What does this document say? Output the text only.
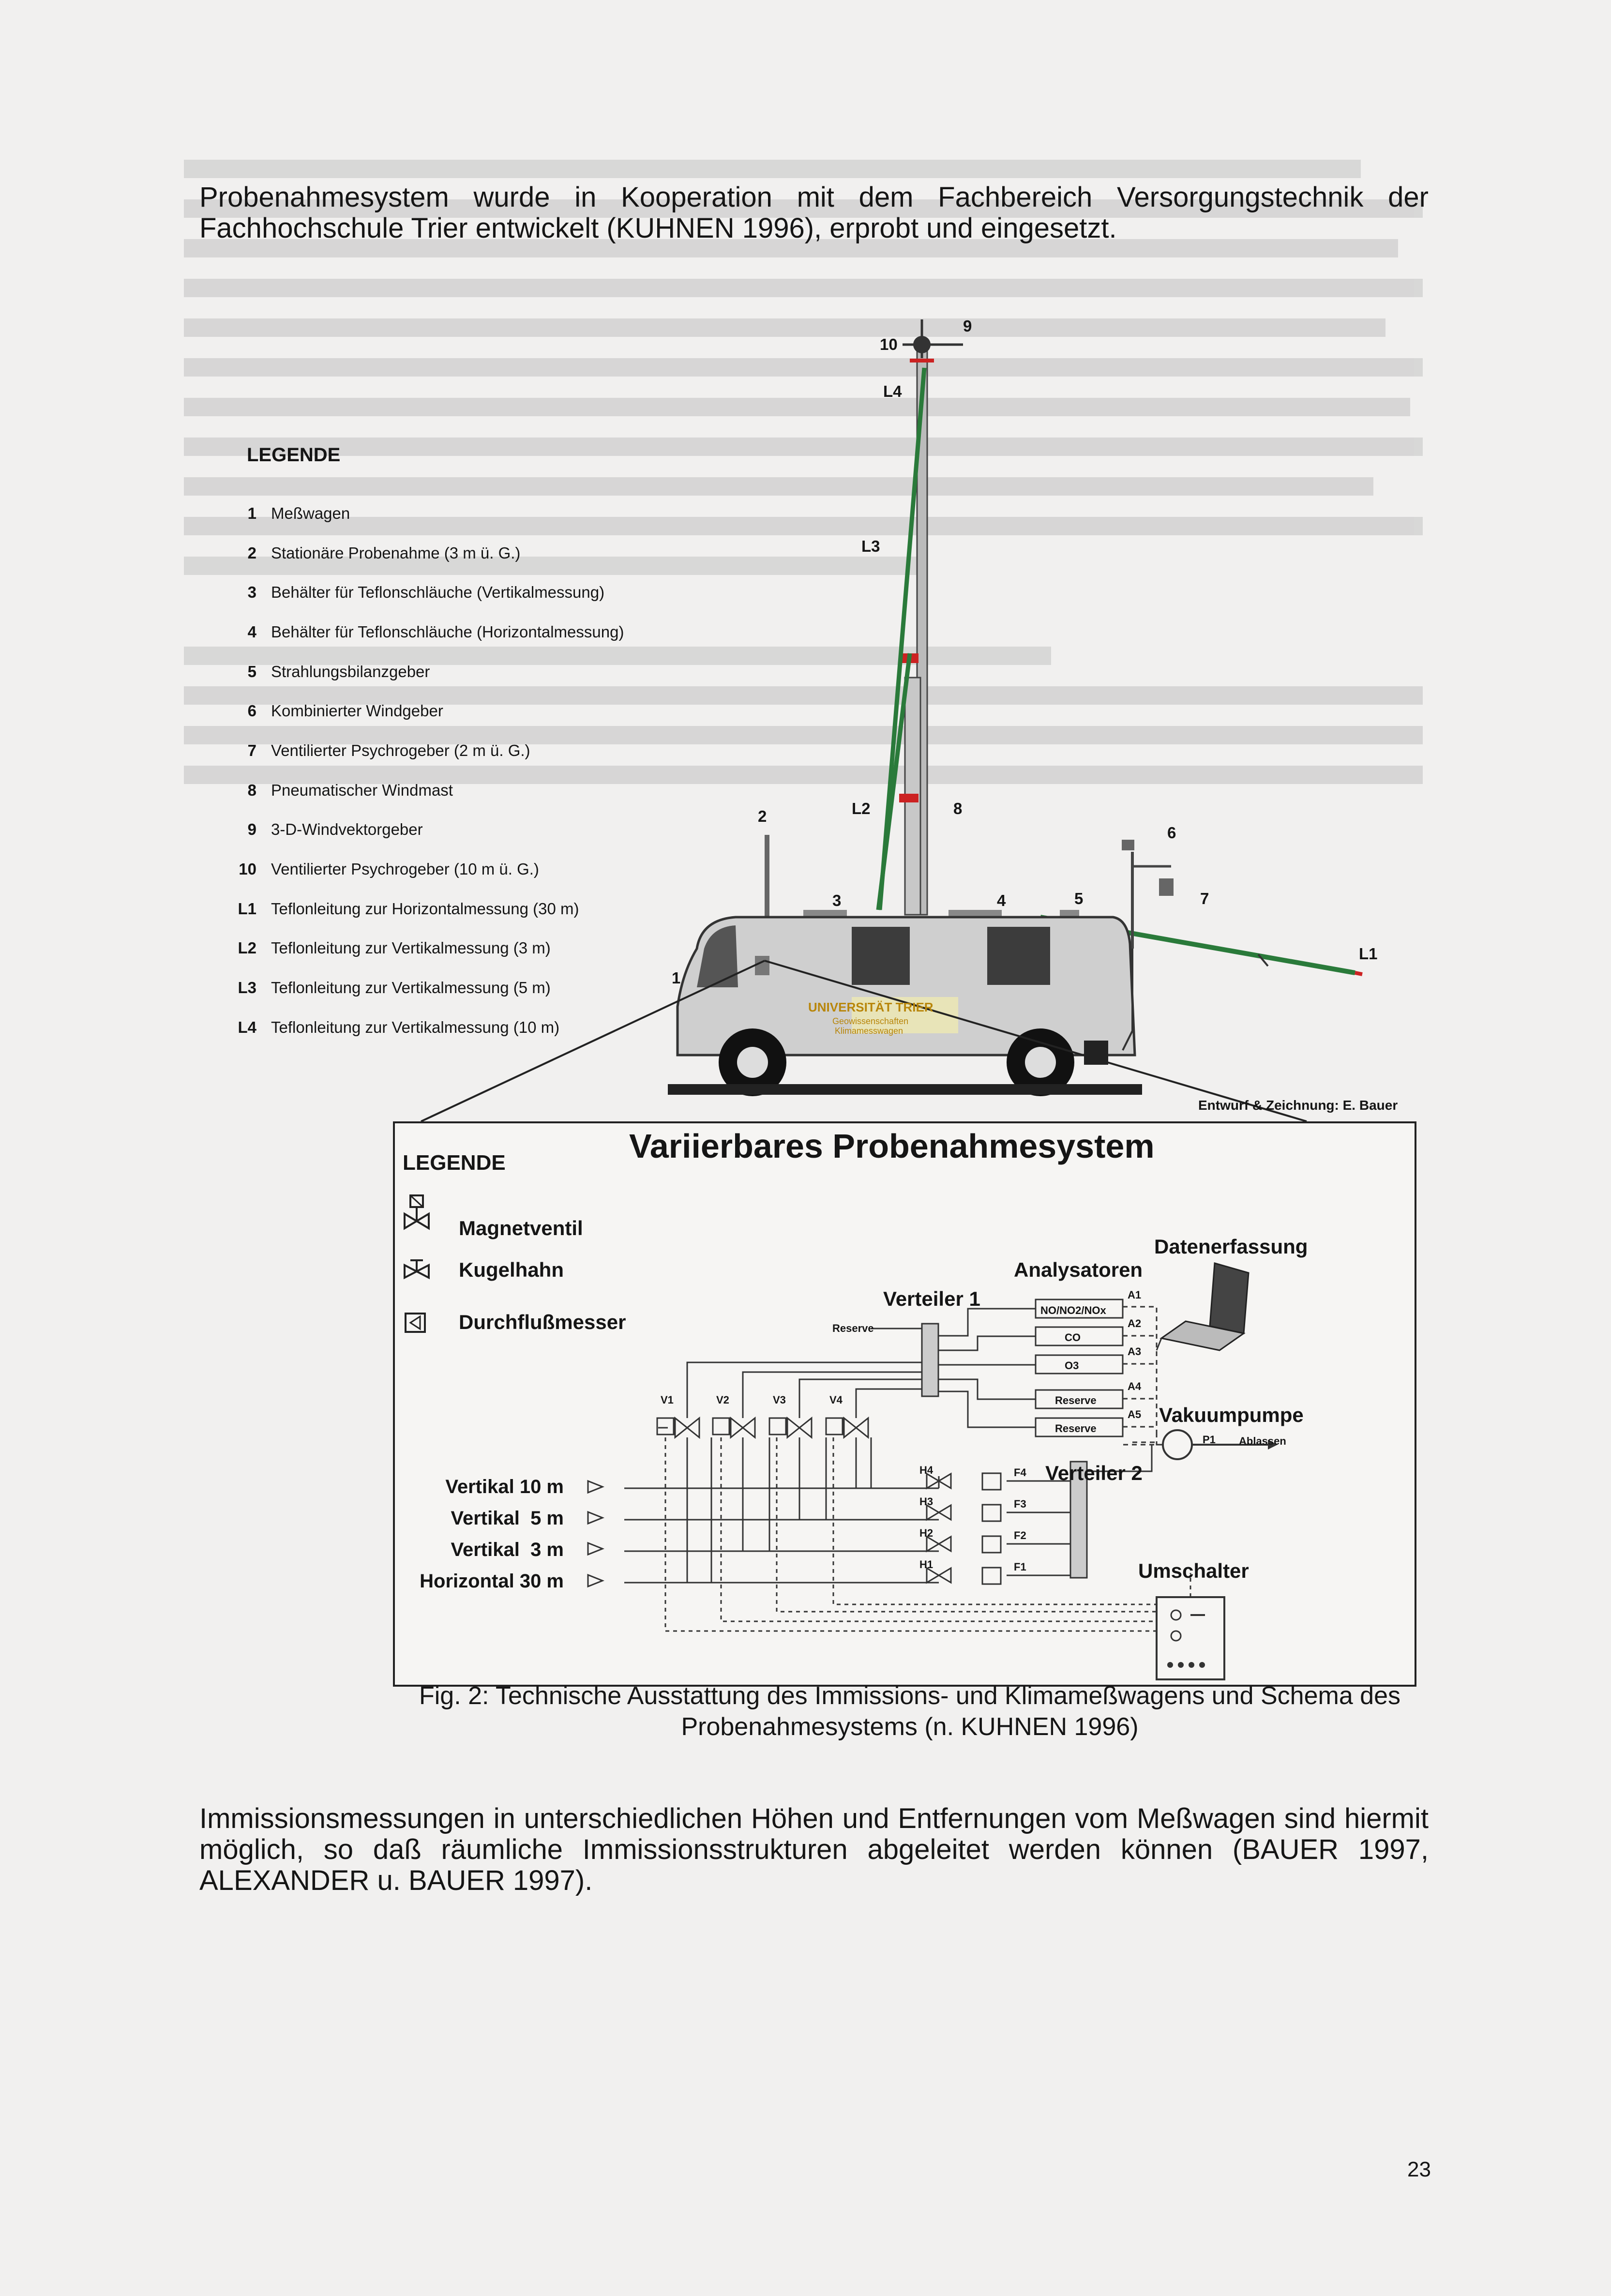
Probenahmesystem wurde in Kooperation mit dem Fachbereich Versorgungstechnik der Fachhochschule Trier entwickelt (KUHNEN 1996), erprobt und eingesetzt.

LEGENDE
1 Meßwagen
2 Stationäre Probenahme (3 m ü. G.)
3 Behälter für Teflonschläuche (Vertikalmessung)
4 Behälter für Teflonschläuche (Horizontalmessung)
5 Strahlungsbilanzgeber
6 Kombinierter Windgeber
7 Ventilierter Psychrogeber (2 m ü. G.)
8 Pneumatischer Windmast
9 3-D-Windvektorgeber
10 Ventilierter Psychrogeber (10 m ü. G.)
L1 Teflonleitung zur Horizontalmessung (30 m)
L2 Teflonleitung zur Vertikalmessung (3 m)
L3 Teflonleitung zur Vertikalmessung (5 m)
L4 Teflonleitung zur Vertikalmessung (10 m)
10
9
L4
L3
L2	8
2
6
3	4	5	7
L1
1
UNIVERSITÄT TRIER
Geowissenschaften
Klimamesswagen
Entwurf & Zeichnung: E. Bauer
Variierbares Probenahmesystem
LEGENDE
Magnetventil
Kugelhahn
Durchflußmesser
Datenerfassung
Analysatoren
Verteiler 1
Reserve
NO/NO2/NOx
CO
O3
Reserve
Reserve
A1
A2
A3
A4
A5
V1	V2	V3	V4
Vakuumpumpe
P1 Ablassen
Verteiler 2
Umschalter
H4
H3
H2
H1
F4
F3
F2
F1
Vertikal 10 m
Vertikal  5 m
Vertikal  3 m
Horizontal 30 m
Fig. 2: Technische Ausstattung des Immissions- und Klimameßwagens und Schema des Probenahmesystems (n. KUHNEN 1996)

Immissionsmessungen in unterschiedlichen Höhen und Entfernungen vom Meßwagen sind hiermit möglich, so daß räumliche Immissionsstrukturen abgeleitet werden können (BAUER 1997, ALEXANDER u. BAUER 1997).

23
